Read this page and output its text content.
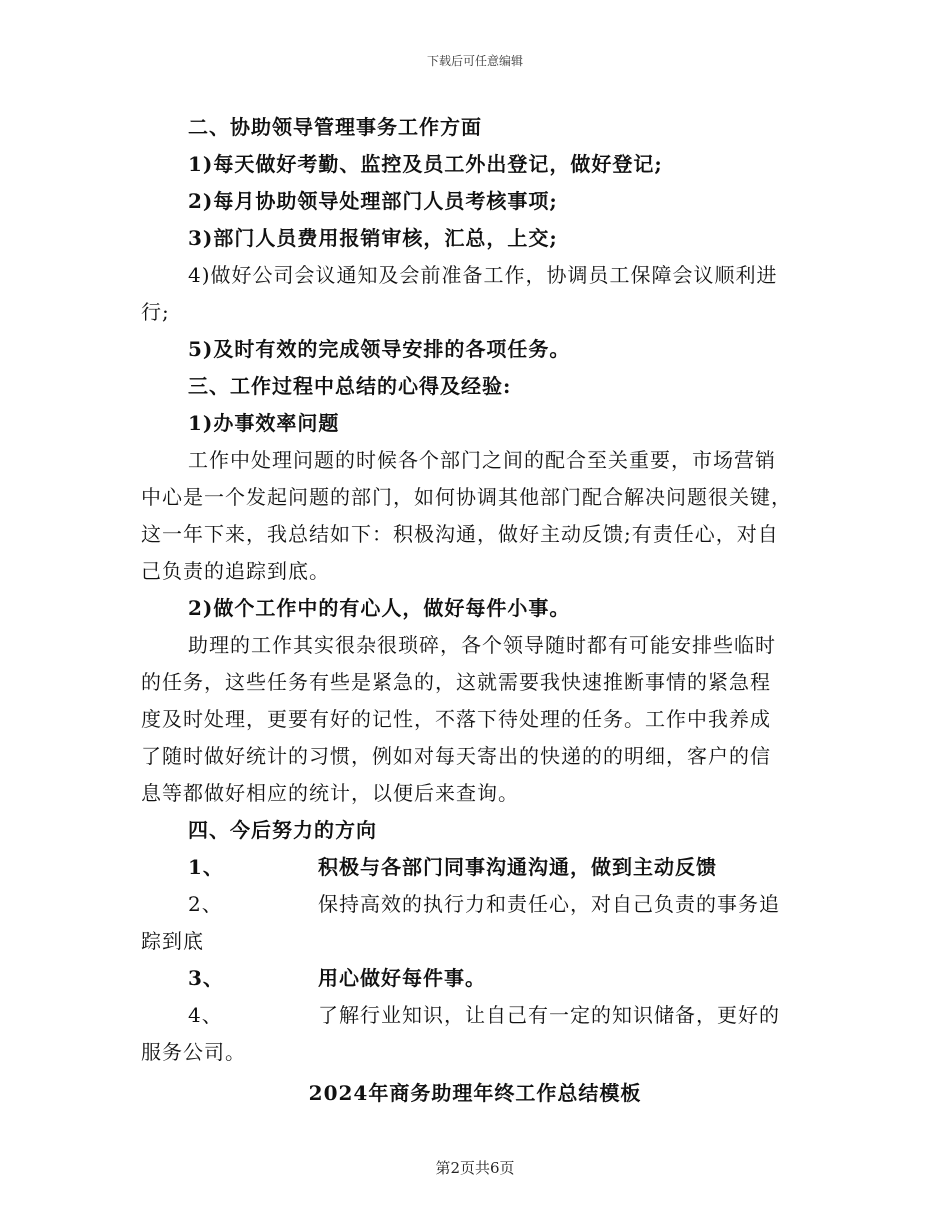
下载后可任意编辑
二、协助领导管理事务工作方面
1)每天做好考勤、监控及员工外出登记，做好登记;
2)每月协助领导处理部门人员考核事项;
3)部门人员费用报销审核，汇总，上交;
4)做好公司会议通知及会前准备工作，协调员工保障会议顺利进
行;
5)及时有效的完成领导安排的各项任务。
三、工作过程中总结的心得及经验:
1)办事效率问题
工作中处理问题的时候各个部门之间的配合至关重要，市场营销
中心是一个发起问题的部门，如何协调其他部门配合解决问题很关键，
这一年下来，我总结如下：积极沟通，做好主动反馈;有责任心，对自
己负责的追踪到底。
2)做个工作中的有心人，做好每件小事。
助理的工作其实很杂很琐碎，各个领导随时都有可能安排些临时
的任务，这些任务有些是紧急的，这就需要我快速推断事情的紧急程
度及时处理，更要有好的记性，不落下待处理的任务。工作中我养成
了随时做好统计的习惯，例如对每天寄出的快递的的明细，客户的信
息等都做好相应的统计，以便后来查询。
四、今后努力的方向
1、	积极与各部门同事沟通沟通，做到主动反馈
2、	保持高效的执行力和责任心，对自己负责的事务追
踪到底
3、	用心做好每件事。
4、	了解行业知识，让自己有一定的知识储备，更好的
服务公司。
2024年商务助理年终工作总结模板
第2页共6页
